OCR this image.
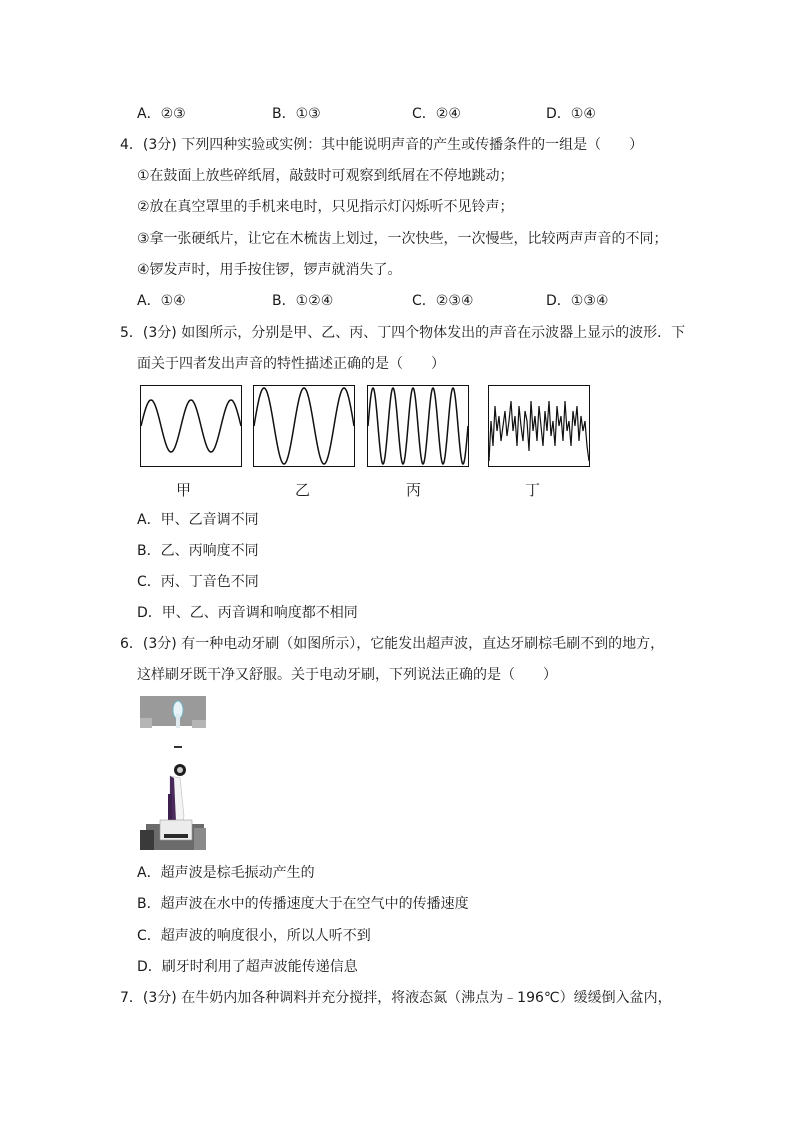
A．②③	B．①③	C．②④	D．①④
4．(3分) 下列四种实验或实例：其中能说明声音的产生或传播条件的一组是（　　）
①在鼓面上放些碎纸屑，敲鼓时可观察到纸屑在不停地跳动；
②放在真空罩里的手机来电时，只见指示灯闪烁听不见铃声；
③拿一张硬纸片，让它在木梳齿上划过，一次快些，一次慢些，比较两声声音的不同；
④锣发声时，用手按住锣，锣声就消失了。
A．①④	B．①②④	C．②③④	D．①③④
5．(3分) 如图所示，分别是甲、乙、丙、丁四个物体发出的声音在示波器上显示的波形．下
面关于四者发出声音的特性描述正确的是（　　）
甲	乙	丙	丁
A．甲、乙音调不同
B．乙、丙响度不同
C．丙、丁音色不同
D．甲、乙、丙音调和响度都不相同
6．(3分) 有一种电动牙刷（如图所示），它能发出超声波，直达牙刷棕毛刷不到的地方，
这样刷牙既干净又舒服。关于电动牙刷，下列说法正确的是（　　）
A．超声波是棕毛振动产生的
B．超声波在水中的传播速度大于在空气中的传播速度
C．超声波的响度很小，所以人听不到
D．刷牙时利用了超声波能传递信息
7．(3分) 在牛奶内加各种调料并充分搅拌，将液态氮（沸点为﹣196℃）缓缓倒入盆内，
